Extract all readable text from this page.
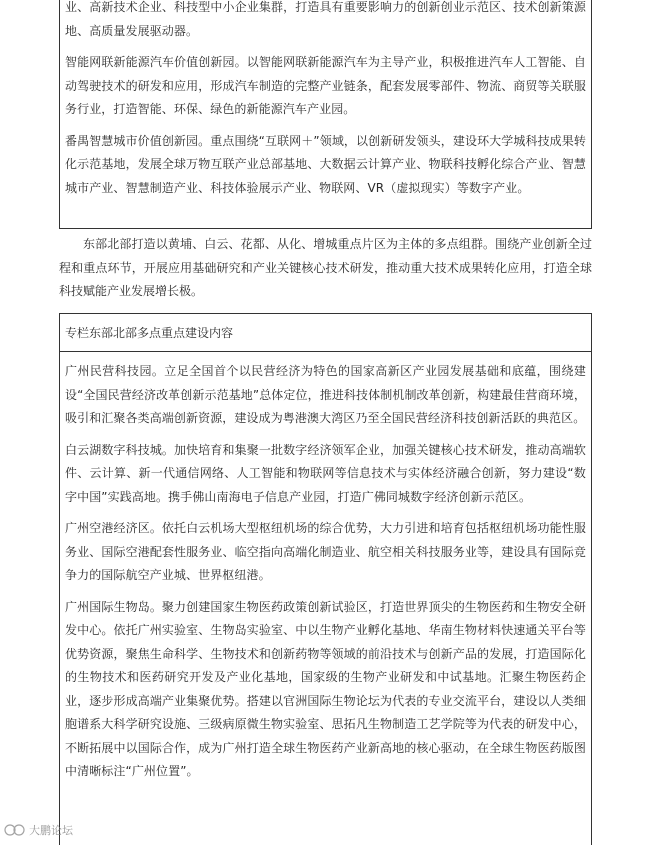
业、高新技术企业、科技型中小企业集群，打造具有重要影响力的创新创业示范区、技术创新策源地、高质量发展驱动器。

智能网联新能源汽车价值创新园。以智能网联新能源汽车为主导产业，积极推进汽车人工智能、自动驾驶技术的研发和应用，形成汽车制造的完整产业链条，配套发展零部件、物流、商贸等关联服务行业，打造智能、环保、绿色的新能源汽车产业园。

番禺智慧城市价值创新园。重点围绕“互联网＋”领域，以创新研发领头，建设环大学城科技成果转化示范基地，发展全球万物互联产业总部基地、大数据云计算产业、物联科技孵化综合产业、智慧城市产业、智慧制造产业、科技体验展示产业、物联网、VR（虚拟现实）等数字产业。

东部北部打造以黄埔、白云、花都、从化、增城重点片区为主体的多点组群。围绕产业创新全过程和重点环节，开展应用基础研究和产业关键核心技术研发，推动重大技术成果转化应用，打造全球科技赋能产业发展增长极。

专栏东部北部多点重点建设内容

广州民营科技园。立足全国首个以民营经济为特色的国家高新区产业园发展基础和底蕴，围绕建设“全国民营经济改革创新示范基地”总体定位，推进科技体制机制改革创新，构建最佳营商环境，吸引和汇聚各类高端创新资源，建设成为粤港澳大湾区乃至全国民营经济科技创新活跃的典范区。

白云湖数字科技城。加快培育和集聚一批数字经济领军企业，加强关键核心技术研发，推动高端软件、云计算、新一代通信网络、人工智能和物联网等信息技术与实体经济融合创新，努力建设“数字中国”实践高地。携手佛山南海电子信息产业园，打造广佛同城数字经济创新示范区。

广州空港经济区。依托白云机场大型枢纽机场的综合优势，大力引进和培育包括枢纽机场功能性服务业、国际空港配套性服务业、临空指向高端化制造业、航空相关科技服务业等，建设具有国际竞争力的国际航空产业城、世界枢纽港。

广州国际生物岛。聚力创建国家生物医药政策创新试验区，打造世界顶尖的生物医药和生物安全研发中心。依托广州实验室、生物岛实验室、中以生物产业孵化基地、华南生物材料快速通关平台等优势资源，聚焦生命科学、生物技术和创新药物等领域的前沿技术与创新产品的发展，打造国际化的生物技术和医药研究开发及产业化基地，国家级的生物产业研发和中试基地。汇聚生物医药企业，逐步形成高端产业集聚优势。搭建以官洲国际生物论坛为代表的专业交流平台，建设以人类细胞谱系大科学研究设施、三级病原微生物实验室、思拓凡生物制造工艺学院等为代表的研发中心，不断拓展中以国际合作，成为广州打造全球生物医药产业新高地的核心驱动，在全球生物医药版图中清晰标注“广州位置”。

大鹏论坛
